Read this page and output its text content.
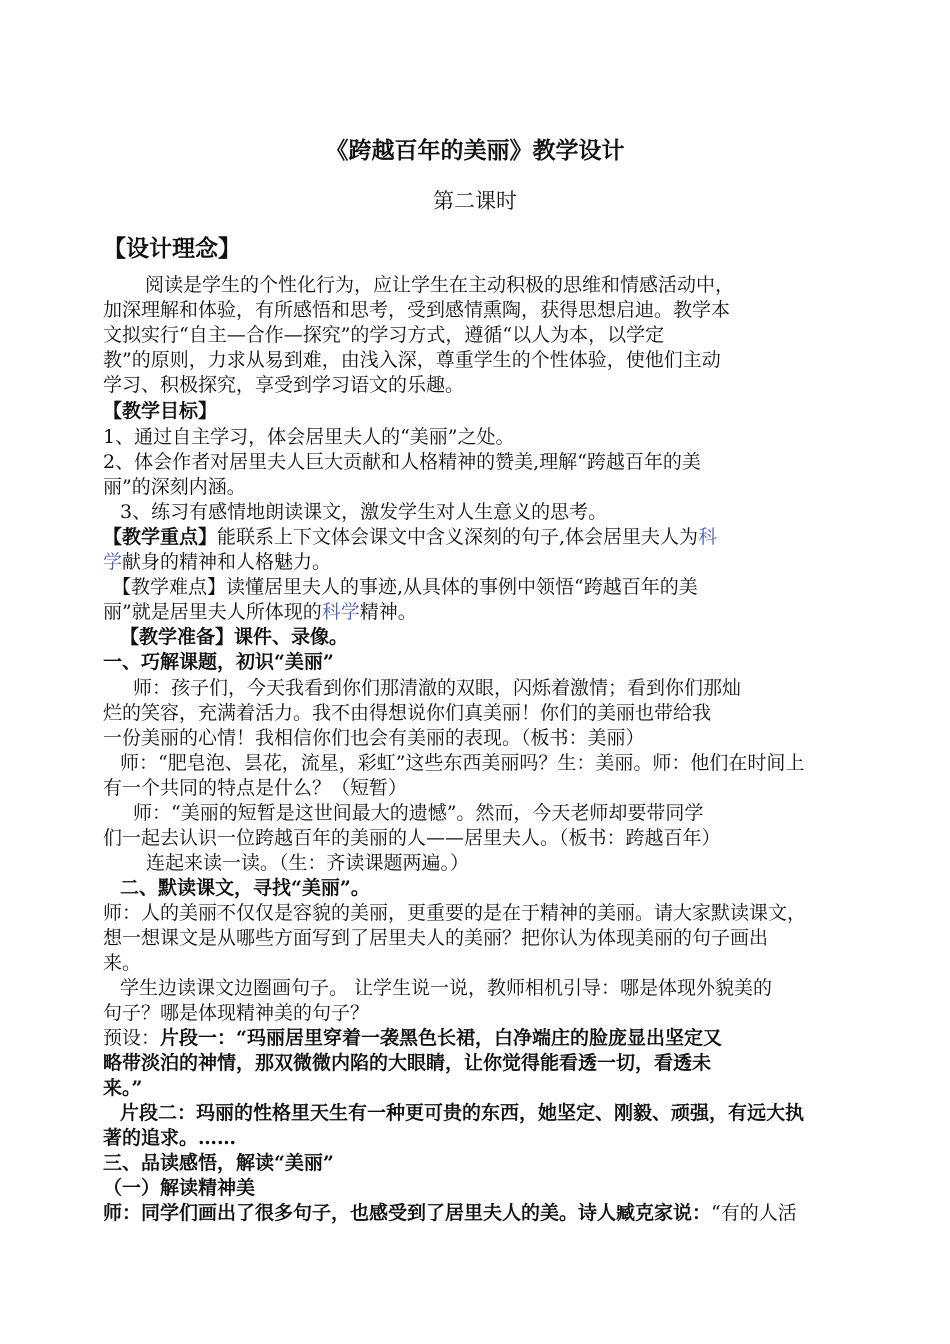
《跨越百年的美丽》教学设计
第二课时
【设计理念】
阅读是学生的个性化行为，应让学生在主动积极的思维和情感活动中，
加深理解和体验，有所感悟和思考，受到感情熏陶，获得思想启迪。教学本
文拟实行“自主—合作—探究”的学习方式，遵循“以人为本，以学定
教”的原则，力求从易到难，由浅入深，尊重学生的个性体验，使他们主动
学习、积极探究，享受到学习语文的乐趣。
【教学目标】
1、通过自主学习，体会居里夫人的“美丽”之处。
2、体会作者对居里夫人巨大贡献和人格精神的赞美,理解“跨越百年的美
丽”的深刻内涵。
3、练习有感情地朗读课文，激发学生对人生意义的思考。
【教学重点】能联系上下文体会课文中含义深刻的句子,体会居里夫人为科
学献身的精神和人格魅力。
【教学难点】读懂居里夫人的事迹,从具体的事例中领悟“跨越百年的美
丽”就是居里夫人所体现的科学精神。
【教学准备】课件、录像。
一、巧解课题，初识“美丽”
师：孩子们，今天我看到你们那清澈的双眼，闪烁着激情；看到你们那灿
烂的笑容，充满着活力。我不由得想说你们真美丽！你们的美丽也带给我
一份美丽的心情！我相信你们也会有美丽的表现。（板书：美丽）
师：“肥皂泡、昙花，流星，彩虹”这些东西美丽吗？生：美丽。师：他们在时间上
有一个共同的特点是什么？（短暂）
师：“美丽的短暂是这世间最大的遗憾”。然而，今天老师却要带同学
们一起去认识一位跨越百年的美丽的人——居里夫人。（板书：跨越百年）
连起来读一读。（生：齐读课题两遍。）
二、默读课文，寻找“美丽”。
师：人的美丽不仅仅是容貌的美丽，更重要的是在于精神的美丽。请大家默读课文，
想一想课文是从哪些方面写到了居里夫人的美丽？把你认为体现美丽的句子画出
来。
学生边读课文边圈画句子。 让学生说一说，教师相机引导：哪是体现外貌美的
句子？哪是体现精神美的句子？
预设：片段一：“玛丽居里穿着一袭黑色长裙，白净端庄的脸庞显出坚定又
略带淡泊的神情，那双微微内陷的大眼睛，让你觉得能看透一切，看透未
来。”
片段二：玛丽的性格里天生有一种更可贵的东西，她坚定、刚毅、顽强，有远大执
著的追求。……
三、品读感悟，解读“美丽”
（一）解读精神美
师：同学们画出了很多句子，也感受到了居里夫人的美。诗人臧克家说：“有的人活
